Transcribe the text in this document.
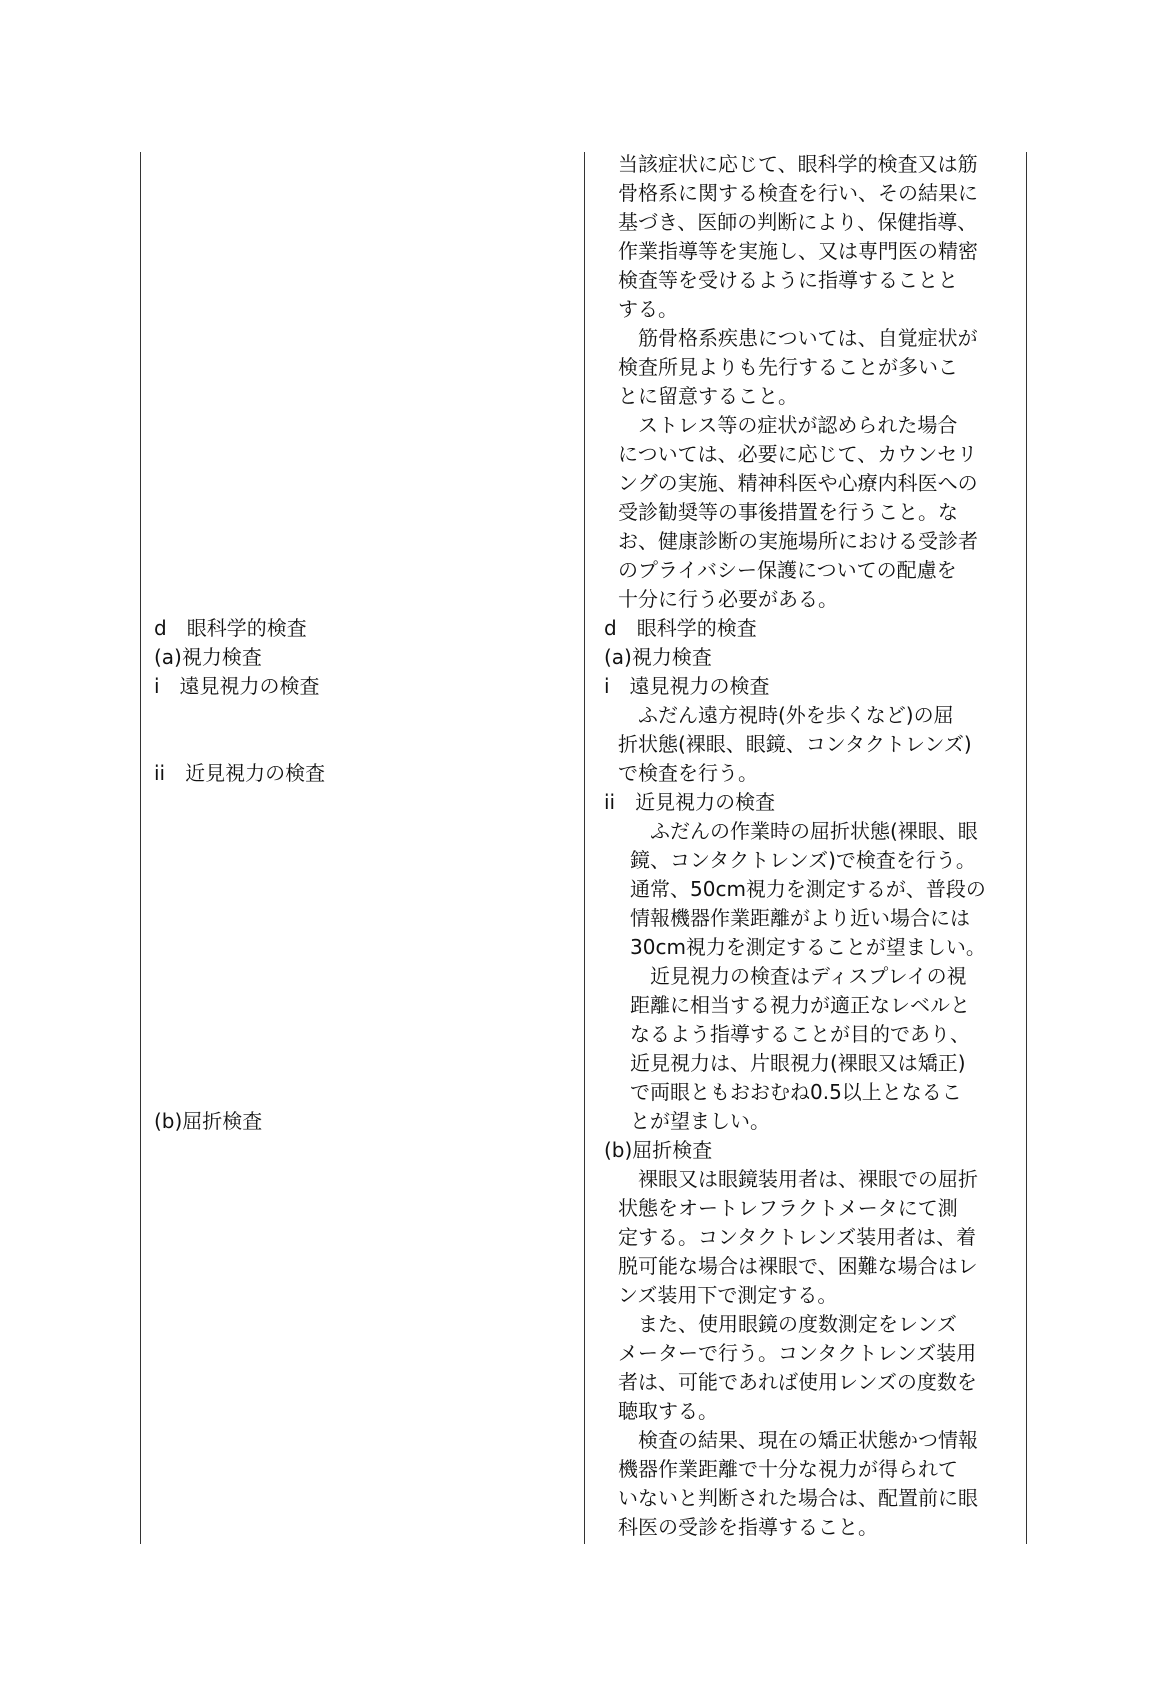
d　眼科学的検査
(a)視力検査
i　遠見視力の検査
ii　近見視力の検査
(b)屈折検査
当該症状に応じて、眼科学的検査又は筋
骨格系に関する検査を行い、その結果に
基づき、医師の判断により、保健指導、
作業指導等を実施し、又は専門医の精密
検査等を受けるように指導することと
する。
　筋骨格系疾患については、自覚症状が
検査所見よりも先行することが多いこ
とに留意すること。
　ストレス等の症状が認められた場合
については、必要に応じて、カウンセリ
ングの実施、精神科医や心療内科医への
受診勧奨等の事後措置を行うこと。な
お、健康診断の実施場所における受診者
のプライバシー保護についての配慮を
十分に行う必要がある。
d　眼科学的検査
(a)視力検査
i　遠見視力の検査
　ふだん遠方視時(外を歩くなど)の屈
折状態(裸眼、眼鏡、コンタクトレンズ)
で検査を行う。
ii　近見視力の検査
　ふだんの作業時の屈折状態(裸眼、眼
鏡、コンタクトレンズ)で検査を行う。
通常、50cm視力を測定するが、普段の
情報機器作業距離がより近い場合には
30cm視力を測定することが望ましい。
　近見視力の検査はディスプレイの視
距離に相当する視力が適正なレベルと
なるよう指導することが目的であり、
近見視力は、片眼視力(裸眼又は矯正)
で両眼ともおおむね0.5以上となるこ
とが望ましい。
(b)屈折検査
　裸眼又は眼鏡装用者は、裸眼での屈折
状態をオートレフラクトメータにて測
定する。コンタクトレンズ装用者は、着
脱可能な場合は裸眼で、困難な場合はレ
ンズ装用下で測定する。
　また、使用眼鏡の度数測定をレンズ
メーターで行う。コンタクトレンズ装用
者は、可能であれば使用レンズの度数を
聴取する。
　検査の結果、現在の矯正状態かつ情報
機器作業距離で十分な視力が得られて
いないと判断された場合は、配置前に眼
科医の受診を指導すること。
